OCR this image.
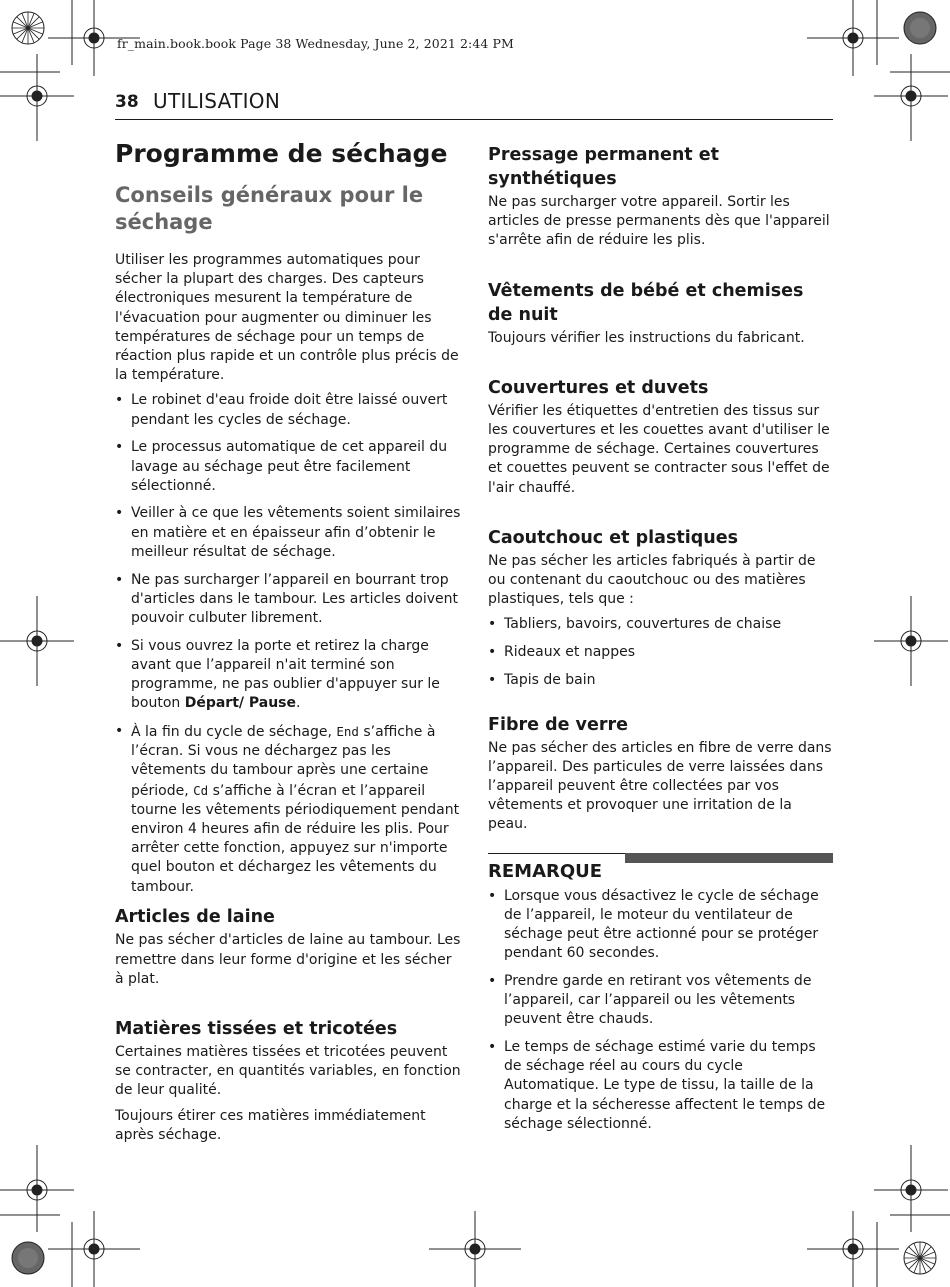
fr_main.book.book Page 38 Wednesday, June 2, 2021 2:44 PM
38 UTILISATION
Programme de séchage
Conseils généraux pour le séchage

Utiliser les programmes automatiques pour sécher la plupart des charges. Des capteurs électroniques mesurent la température de l'évacuation pour augmenter ou diminuer les températures de séchage pour un temps de réaction plus rapide et un contrôle plus précis de la température.

• Le robinet d'eau froide doit être laissé ouvert pendant les cycles de séchage.
• Le processus automatique de cet appareil du lavage au séchage peut être facilement sélectionné.
• Veiller à ce que les vêtements soient similaires en matière et en épaisseur afin d’obtenir le meilleur résultat de séchage.
• Ne pas surcharger l’appareil en bourrant trop d'articles dans le tambour. Les articles doivent pouvoir culbuter librement.
• Si vous ouvrez la porte et retirez la charge avant que l’appareil n'ait terminé son programme, ne pas oublier d'appuyer sur le bouton Départ/ Pause.
• À la fin du cycle de séchage, End s’affiche à l’écran. Si vous ne déchargez pas les vêtements du tambour après une certaine période, Cd s’affiche à l’écran et l’appareil tourne les vêtements périodiquement pendant environ 4 heures afin de réduire les plis. Pour arrêter cette fonction, appuyez sur n'importe quel bouton et déchargez les vêtements du tambour.
Articles de laine

Ne pas sécher d'articles de laine au tambour. Les remettre dans leur forme d'origine et les sécher à plat.

Matières tissées et tricotées

Certaines matières tissées et tricotées peuvent se contracter, en quantités variables, en fonction de leur qualité.

Toujours étirer ces matières immédiatement après séchage.

Pressage permanent et synthétiques

Ne pas surcharger votre appareil. Sortir les articles de presse permanents dès que l'appareil s'arrête afin de réduire les plis.

Vêtements de bébé et chemises de nuit

Toujours vérifier les instructions du fabricant.

Couvertures et duvets

Vérifier les étiquettes d'entretien des tissus sur les couvertures et les couettes avant d'utiliser le programme de séchage. Certaines couvertures et couettes peuvent se contracter sous l'effet de l'air chauffé.

Caoutchouc et plastiques

Ne pas sécher les articles fabriqués à partir de ou contenant du caoutchouc ou des matières plastiques, tels que :

• Tabliers, bavoirs, couvertures de chaise
• Rideaux et nappes
• Tapis de bain
Fibre de verre

Ne pas sécher des articles en fibre de verre dans l’appareil. Des particules de verre laissées dans l’appareil peuvent être collectées par vos vêtements et provoquer une irritation de la peau.

REMARQUE
• Lorsque vous désactivez le cycle de séchage de l’appareil, le moteur du ventilateur de séchage peut être actionné pour se protéger pendant 60 secondes.
• Prendre garde en retirant vos vêtements de l’appareil, car l’appareil ou les vêtements peuvent être chauds.
• Le temps de séchage estimé varie du temps de séchage réel au cours du cycle Automatique. Le type de tissu, la taille de la charge et la sécheresse affectent le temps de séchage sélectionné.
